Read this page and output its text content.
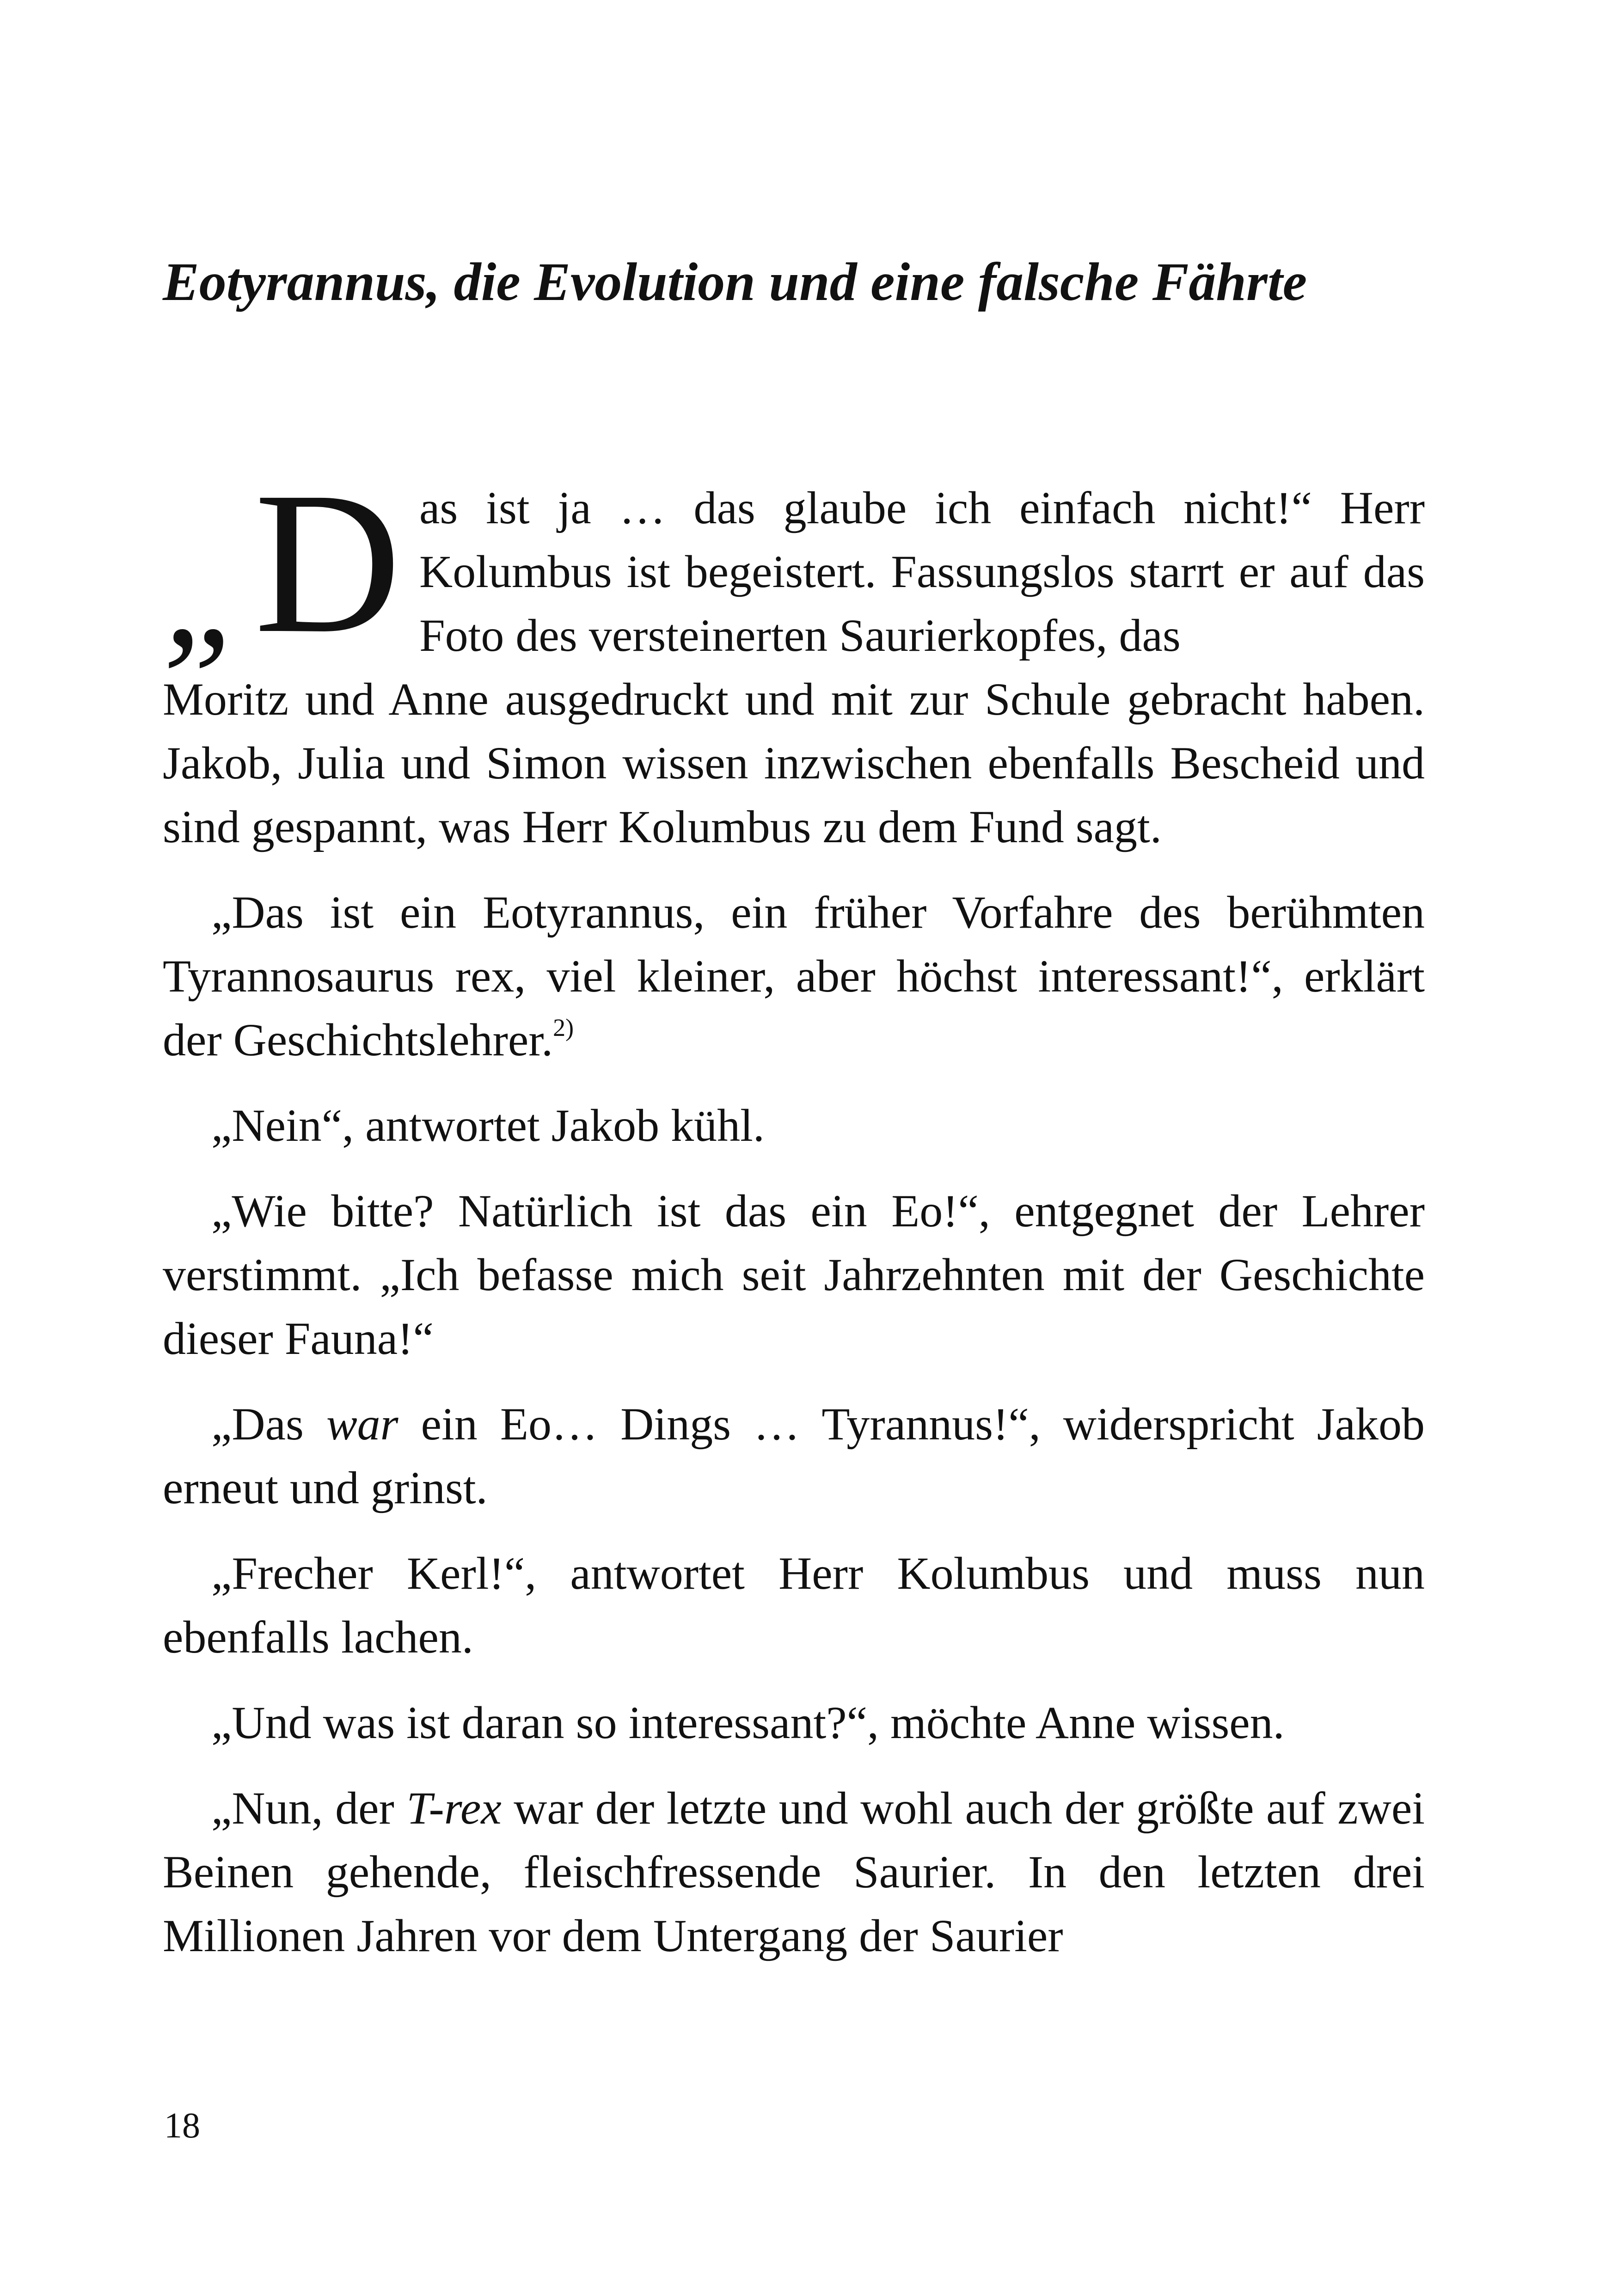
Eotyrannus, die Evolution und eine falsche Fährte

„ D as ist ja … das glaube ich einfach nicht!“ Herr Kolumbus ist begeistert. Fassungslos starrt er auf das Foto des versteinerten Saurierkopfes, das
Moritz und Anne ausgedruckt und mit zur Schule gebracht haben. Jakob, Julia und Simon wissen inzwischen ebenfalls Bescheid und sind gespannt, was Herr Kolumbus zu dem Fund sagt.

„Das ist ein Eotyrannus, ein früher Vorfahre des berühmten Tyrannosaurus rex, viel kleiner, aber höchst interessant!“, erklärt der Geschichtslehrer.$^{2)}$

„Nein“, antwortet Jakob kühl.

„Wie bitte? Natürlich ist das ein Eo!“, entgegnet der Lehrer verstimmt. „Ich befasse mich seit Jahrzehnten mit der Geschichte dieser Fauna!“

„Das war ein Eo… Dings … Tyrannus!“, widerspricht Jakob erneut und grinst.

„Frecher Kerl!“, antwortet Herr Kolumbus und muss nun ebenfalls lachen.

„Und was ist daran so interessant?“, möchte Anne wissen.

„Nun, der T-rex war der letzte und wohl auch der größte auf zwei Beinen gehende, fleischfressende Saurier. In den letzten drei Millionen Jahren vor dem Untergang der Saurier

18
